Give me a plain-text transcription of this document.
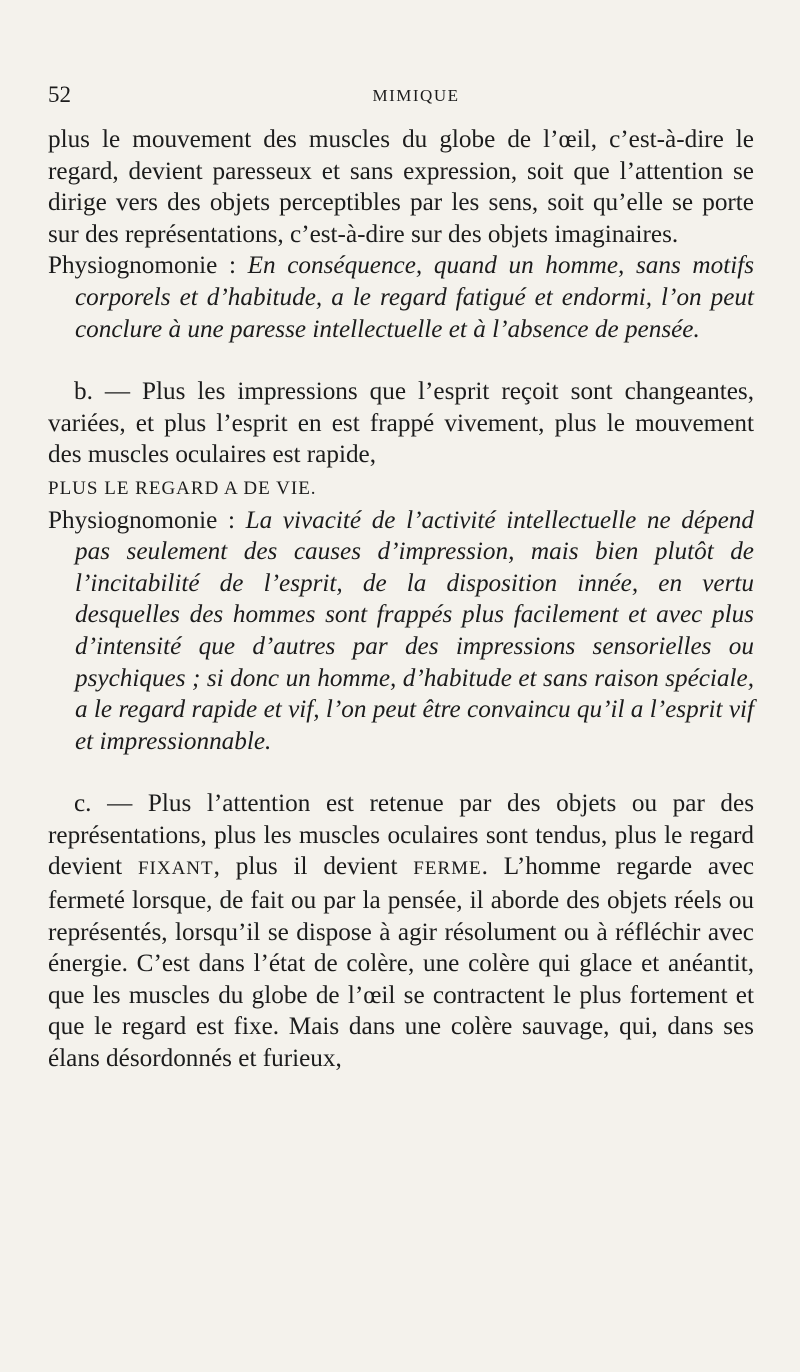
52	MIMIQUE

plus le mouvement des muscles du globe de l’œil, c’est-à-dire le regard, devient paresseux et sans expression, soit que l’attention se dirige vers des objets perceptibles par les sens, soit qu’elle se porte sur des représentations, c’est-à-dire sur des objets imaginaires.

Physiognomonie : En conséquence, quand un homme, sans motifs corporels et d’habitude, a le regard fatigué et endormi, l’on peut conclure à une paresse intellectuelle et à l’absence de pensée.

b. — Plus les impressions que l’esprit reçoit sont changeantes, variées, et plus l’esprit en est frappé vivement, plus le mouvement des muscles oculaires est rapide,
PLUS LE REGARD A DE VIE.

Physiognomonie : La vivacité de l’activité intellectuelle ne dépend pas seulement des causes d’impression, mais bien plutôt de l’incitabilité de l’esprit, de la disposition innée, en vertu desquelles des hommes sont frappés plus facilement et avec plus d’intensité que d’autres par des impressions sensorielles ou psychiques ; si donc un homme, d’habitude et sans raison spéciale, a le regard rapide et vif, l’on peut être convaincu qu’il a l’esprit vif et impressionnable.

c. — Plus l’attention est retenue par des objets ou par des représentations, plus les muscles oculaires sont tendus, plus le regard devient FIXANT, plus il devient FERME. L’homme regarde avec fermeté lorsque, de fait ou par la pensée, il aborde des objets réels ou représentés, lorsqu’il se dispose à agir résolument ou à réfléchir avec énergie. C’est dans l’état de colère, une colère qui glace et anéantit, que les muscles du globe de l’œil se contractent le plus fortement et que le regard est fixe. Mais dans une colère sauvage, qui, dans ses élans désordonnés et furieux,
